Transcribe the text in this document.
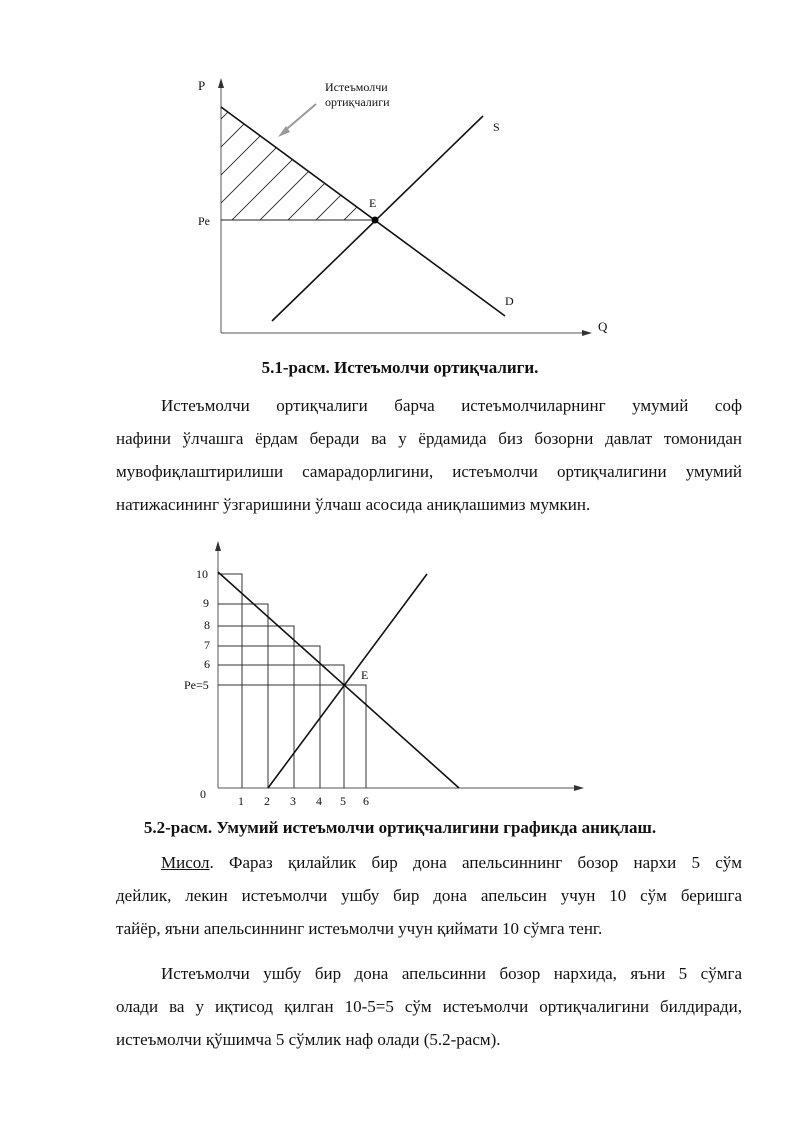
P
Q
Pe
E
S
D
Истеъмолчи
ортиқчалиги
5.1-расм. Истеъмолчи ортиқчалиги.
Истеъмолчи ортиқчалиги барча истеъмолчиларнинг умумий соф
нафини ўлчашга ёрдам беради ва у ёрдамида биз бозорни давлат томонидан
мувофиқлаштирилиши самарадорлигини, истеъмолчи ортиқчалигини умумий
натижасининг ўзгаришини ўлчаш асосида аниқлашимиз мумкин.
10
9
8
7
6
Pe=5
0	1 2 3 4 5 6
E
5.2-расм. Умумий истеъмолчи ортиқчалигини графикда аниқлаш.
Мисол. Фараз қилайлик бир дона апельсиннинг бозор нархи 5 сўм
дейлик, лекин истеъмолчи ушбу бир дона апельсин учун 10 сўм беришга
тайёр, яъни апельсиннинг истеъмолчи учун қиймати 10 сўмга тенг.
Истеъмолчи ушбу бир дона апельсинни бозор нархида, яъни 5 сўмга
олади ва у иқтисод қилган 10-5=5 сўм истеъмолчи ортиқчалигини билдиради,
истеъмолчи қўшимча 5 сўмлик наф олади (5.2-расм).
